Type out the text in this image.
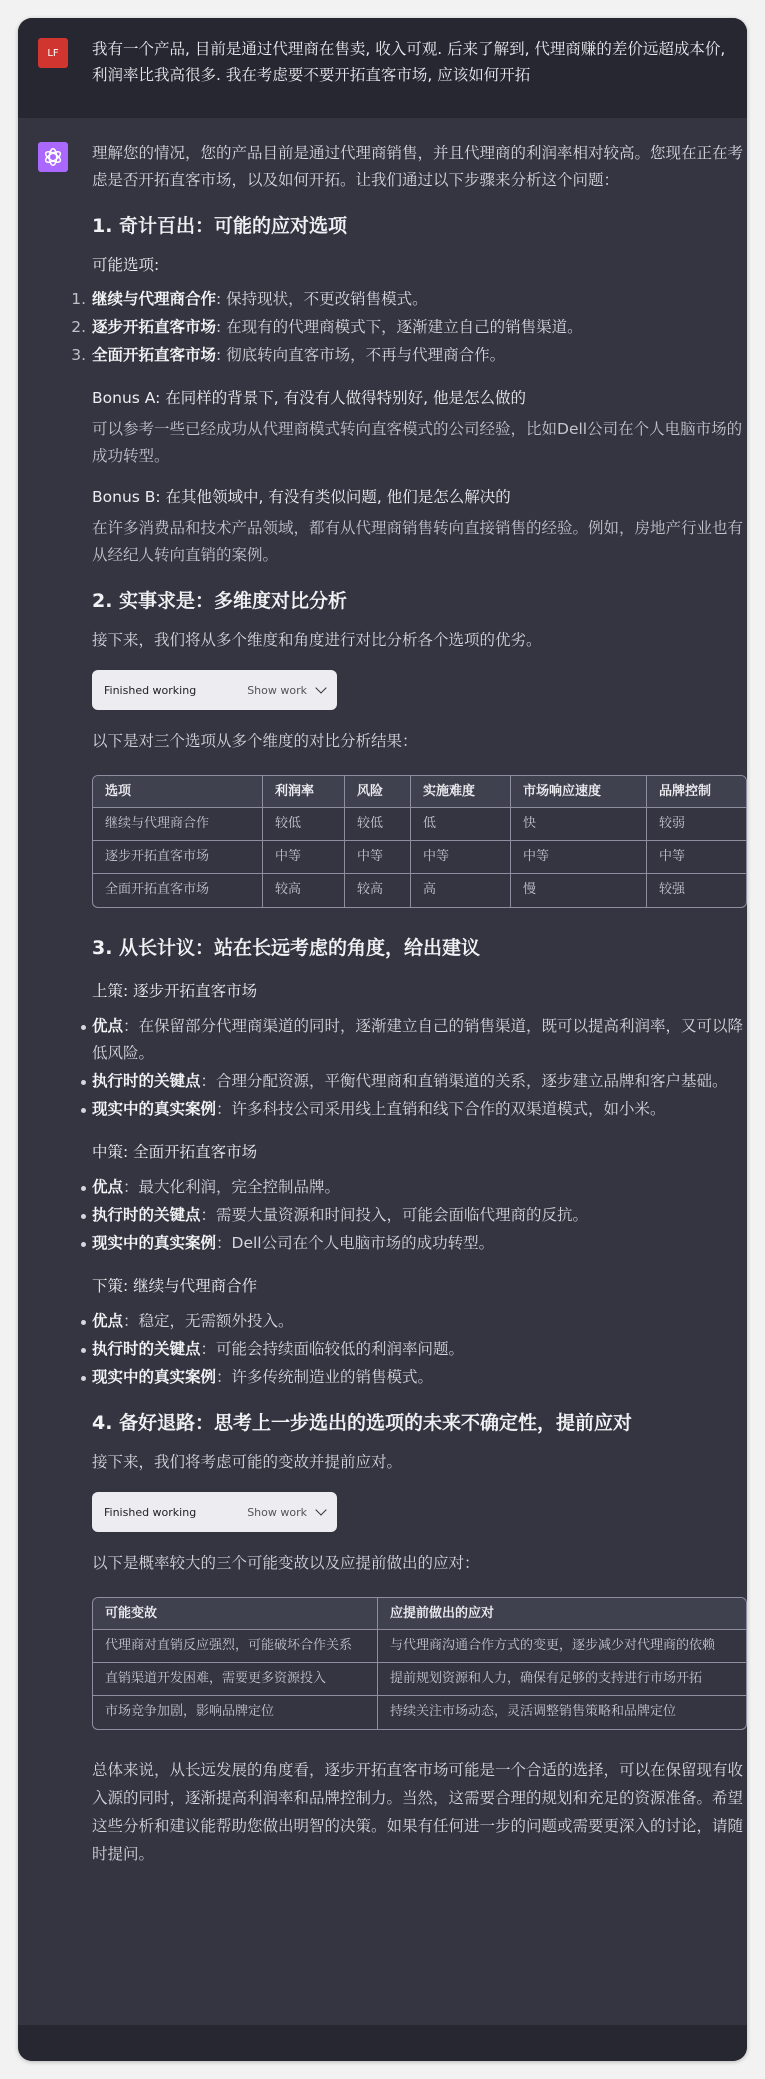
LF	我有一个产品, 目前是通过代理商在售卖, 收入可观. 后来了解到, 代理商赚的差价远超成本价, 利润率比我高很多. 我在考虑要不要开拓直客市场, 应该如何开拓

理解您的情况，您的产品目前是通过代理商销售，并且代理商的利润率相对较高。您现在正在考虑是否开拓直客市场，以及如何开拓。让我们通过以下步骤来分析这个问题：

1. 奇计百出：可能的应对选项
可能选项:
1. 继续与代理商合作: 保持现状，不更改销售模式。
2. 逐步开拓直客市场: 在现有的代理商模式下，逐渐建立自己的销售渠道。
3. 全面开拓直客市场: 彻底转向直客市场，不再与代理商合作。
Bonus A: 在同样的背景下, 有没有人做得特别好, 他是怎么做的
可以参考一些已经成功从代理商模式转向直客模式的公司经验，比如Dell公司在个人电脑市场的成功转型。
Bonus B: 在其他领域中, 有没有类似问题, 他们是怎么解决的
在许多消费品和技术产品领域，都有从代理商销售转向直接销售的经验。例如，房地产行业也有从经纪人转向直销的案例。
2. 实事求是：多维度对比分析
接下来，我们将从多个维度和角度进行对比分析各个选项的优劣。
Finished working	Show work
以下是对三个选项从多个维度的对比分析结果：
选项	利润率	风险	实施难度	市场响应速度	品牌控制
继续与代理商合作	较低	较低	低	快	较弱
逐步开拓直客市场	中等	中等	中等	中等	中等
全面开拓直客市场	较高	较高	高	慢	较强
3. 从长计议：站在长远考虑的角度，给出建议
上策: 逐步开拓直客市场
优点：在保留部分代理商渠道的同时，逐渐建立自己的销售渠道，既可以提高利润率，又可以降低风险。
执行时的关键点：合理分配资源，平衡代理商和直销渠道的关系，逐步建立品牌和客户基础。
现实中的真实案例：许多科技公司采用线上直销和线下合作的双渠道模式，如小米。
中策: 全面开拓直客市场
优点：最大化利润，完全控制品牌。
执行时的关键点：需要大量资源和时间投入，可能会面临代理商的反抗。
现实中的真实案例：Dell公司在个人电脑市场的成功转型。
下策: 继续与代理商合作
优点：稳定，无需额外投入。
执行时的关键点：可能会持续面临较低的利润率问题。
现实中的真实案例：许多传统制造业的销售模式。
4. 备好退路：思考上一步选出的选项的未来不确定性，提前应对
接下来，我们将考虑可能的变故并提前应对。
Finished working	Show work
以下是概率较大的三个可能变故以及应提前做出的应对：
可能变故	应提前做出的应对
代理商对直销反应强烈，可能破坏合作关系	与代理商沟通合作方式的变更，逐步减少对代理商的依赖
直销渠道开发困难，需要更多资源投入	提前规划资源和人力，确保有足够的支持进行市场开拓
市场竞争加剧，影响品牌定位	持续关注市场动态，灵活调整销售策略和品牌定位

总体来说，从长远发展的角度看，逐步开拓直客市场可能是一个合适的选择，可以在保留现有收入源的同时，逐渐提高利润率和品牌控制力。当然，这需要合理的规划和充足的资源准备。希望这些分析和建议能帮助您做出明智的决策。如果有任何进一步的问题或需要更深入的讨论，请随时提问。
